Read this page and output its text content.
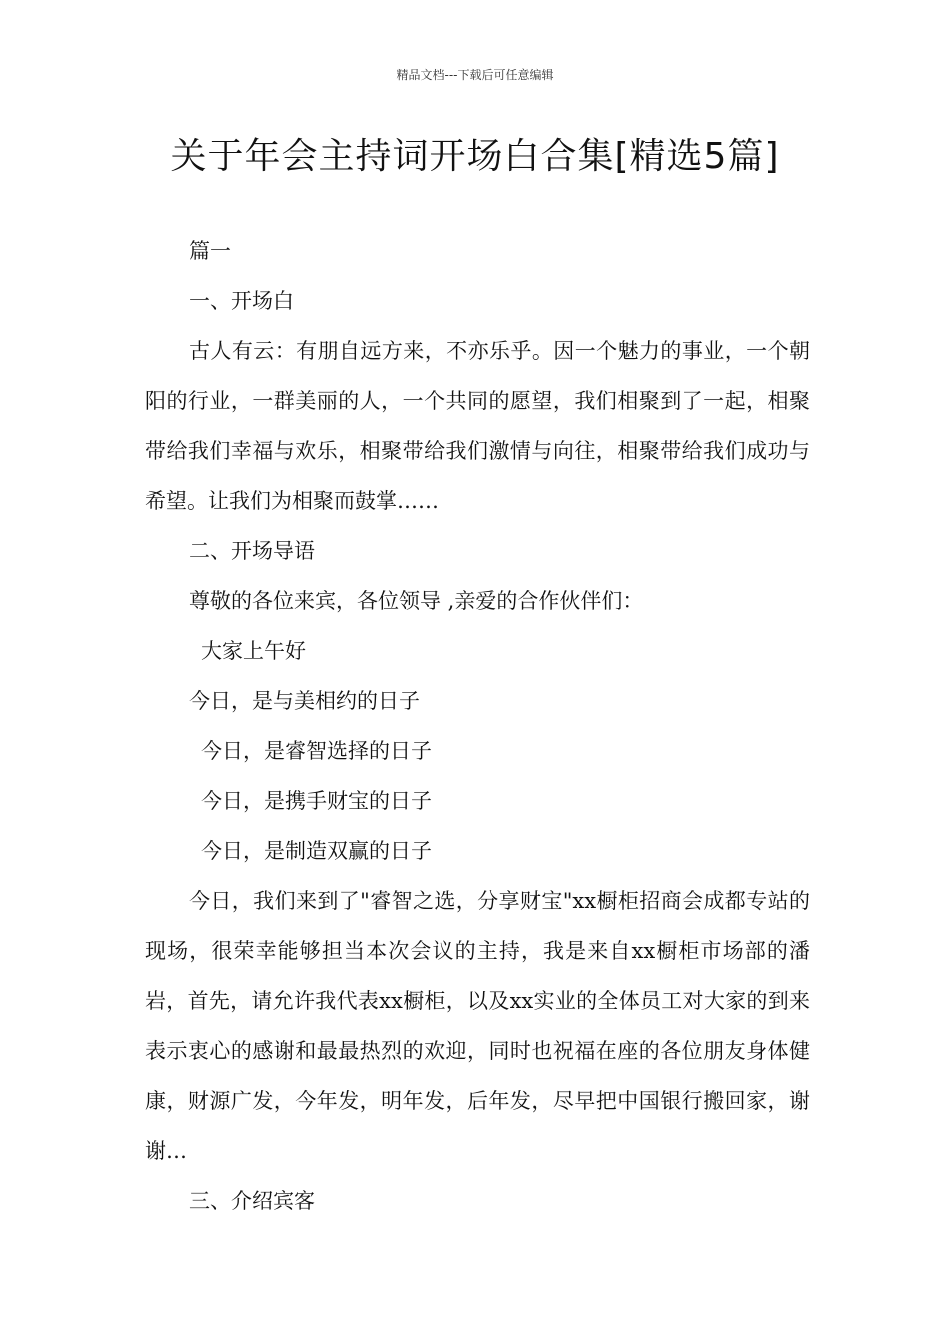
精品文档---下载后可任意编辑
关于年会主持词开场白合集[精选5篇]
篇一
一、开场白
古人有云：有朋自远方来，不亦乐乎。因一个魅力的事业，一个朝阳的行业，一群美丽的人，一个共同的愿望，我们相聚到了一起，相聚带给我们幸福与欢乐，相聚带给我们激情与向往，相聚带给我们成功与希望。让我们为相聚而鼓掌……
二、开场导语
尊敬的各位来宾，各位领导 ,亲爱的合作伙伴们：
大家上午好
今日，是与美相约的日子
今日，是睿智选择的日子
今日，是携手财宝的日子
今日，是制造双赢的日子
今日，我们来到了"睿智之选，分享财宝"xx橱柜招商会成都专站的现场，很荣幸能够担当本次会议的主持，我是来自xx橱柜市场部的潘岩，首先，请允许我代表xx橱柜，以及xx实业的全体员工对大家的到来表示衷心的感谢和最最热烈的欢迎，同时也祝福在座的各位朋友身体健康，财源广发，今年发，明年发，后年发，尽早把中国银行搬回家，谢谢…
三、介绍宾客
